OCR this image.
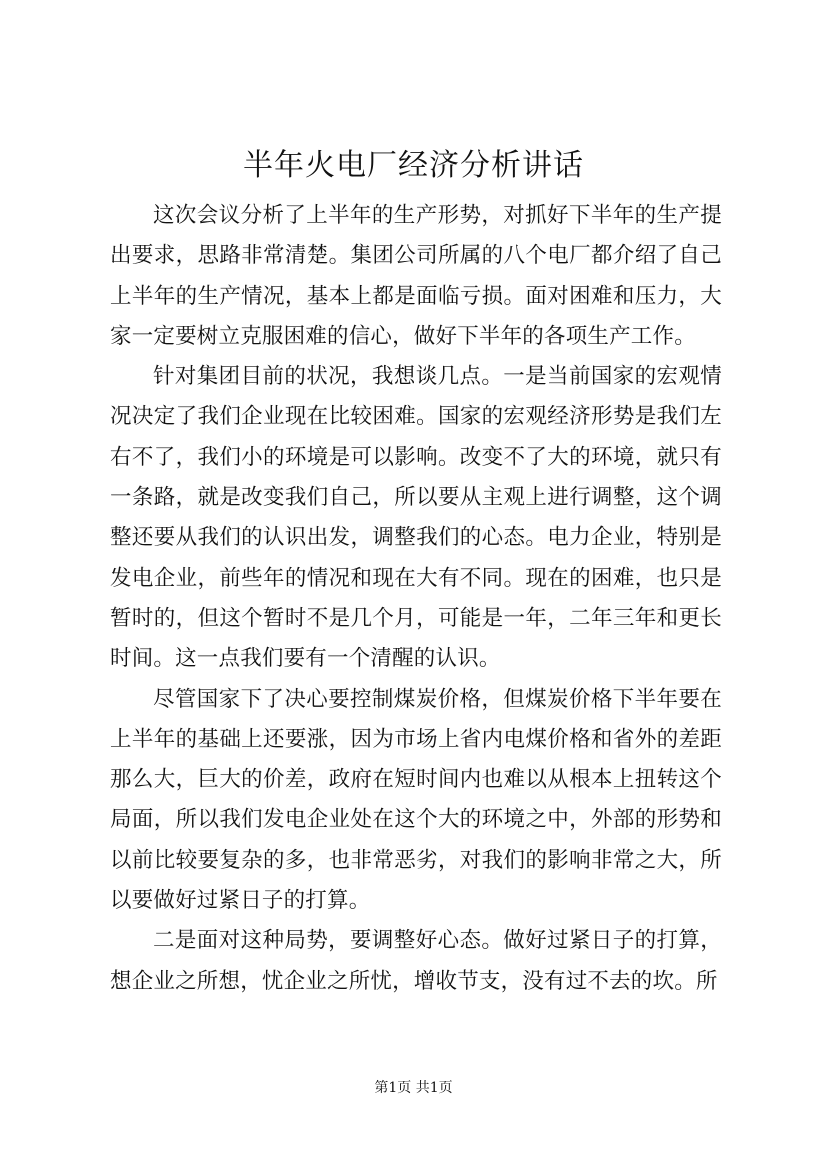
半年火电厂经济分析讲话

这次会议分析了上半年的生产形势，对抓好下半年的生产提出要求，思路非常清楚。集团公司所属的八个电厂都介绍了自己上半年的生产情况，基本上都是面临亏损。面对困难和压力，大家一定要树立克服困难的信心，做好下半年的各项生产工作。

针对集团目前的状况，我想谈几点。一是当前国家的宏观情况决定了我们企业现在比较困难。国家的宏观经济形势是我们左右不了，我们小的环境是可以影响。改变不了大的环境，就只有一条路，就是改变我们自己，所以要从主观上进行调整，这个调整还要从我们的认识出发，调整我们的心态。电力企业，特别是发电企业，前些年的情况和现在大有不同。现在的困难，也只是暂时的，但这个暂时不是几个月，可能是一年，二年三年和更长时间。这一点我们要有一个清醒的认识。

尽管国家下了决心要控制煤炭价格，但煤炭价格下半年要在上半年的基础上还要涨，因为市场上省内电煤价格和省外的差距那么大，巨大的价差，政府在短时间内也难以从根本上扭转这个局面，所以我们发电企业处在这个大的环境之中，外部的形势和以前比较要复杂的多，也非常恶劣，对我们的影响非常之大，所以要做好过紧日子的打算。

二是面对这种局势，要调整好心态。做好过紧日子的打算，想企业之所想，忧企业之所忧，增收节支，没有过不去的坎。所

第1页 共1页
